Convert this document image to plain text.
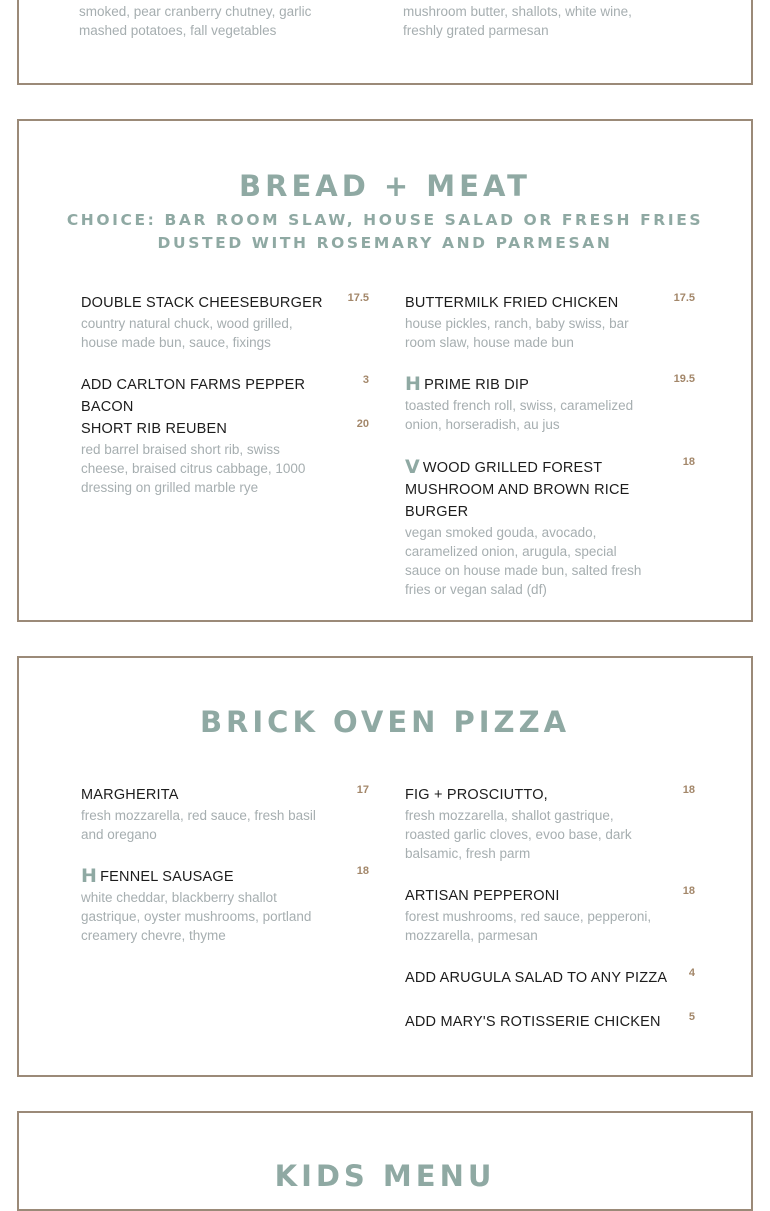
smoked, pear cranberry chutney, garlic mashed potatoes, fall vegetables
mushroom butter, shallots, white wine, freshly grated parmesan
BREAD + MEAT
CHOICE: BAR ROOM SLAW, HOUSE SALAD OR FRESH FRIES
DUSTED WITH ROSEMARY AND PARMESAN
DOUBLE STACK CHEESEBURGER	17.5
country natural chuck, wood grilled, house made bun, sauce, fixings
ADD CARLTON FARMS PEPPER BACON
3
SHORT RIB REUBEN	20
red barrel braised short rib, swiss cheese, braised citrus cabbage, 1000 dressing on grilled marble rye
BUTTERMILK FRIED CHICKEN	17.5
house pickles, ranch, baby swiss, bar room slaw, house made bun
H PRIME RIB DIP	19.5
toasted french roll, swiss, caramelized onion, horseradish, au jus
V WOOD GRILLED FOREST MUSHROOM AND BROWN RICE BURGER
18
vegan smoked gouda, avocado, caramelized onion, arugula, special sauce on house made bun, salted fresh fries or vegan salad (df)
BRICK OVEN PIZZA
MARGHERITA	17
fresh mozzarella, red sauce, fresh basil and oregano
H FENNEL SAUSAGE	18
white cheddar, blackberry shallot gastrique, oyster mushrooms, portland creamery chevre, thyme
FIG + PROSCIUTTO,	18
fresh mozzarella, shallot gastrique, roasted garlic cloves, evoo base, dark balsamic, fresh parm
ARTISAN PEPPERONI	18
forest mushrooms, red sauce, pepperoni, mozzarella, parmesan
ADD ARUGULA SALAD TO ANY PIZZA	4
ADD MARY'S ROTISSERIE CHICKEN	5
KIDS MENU
